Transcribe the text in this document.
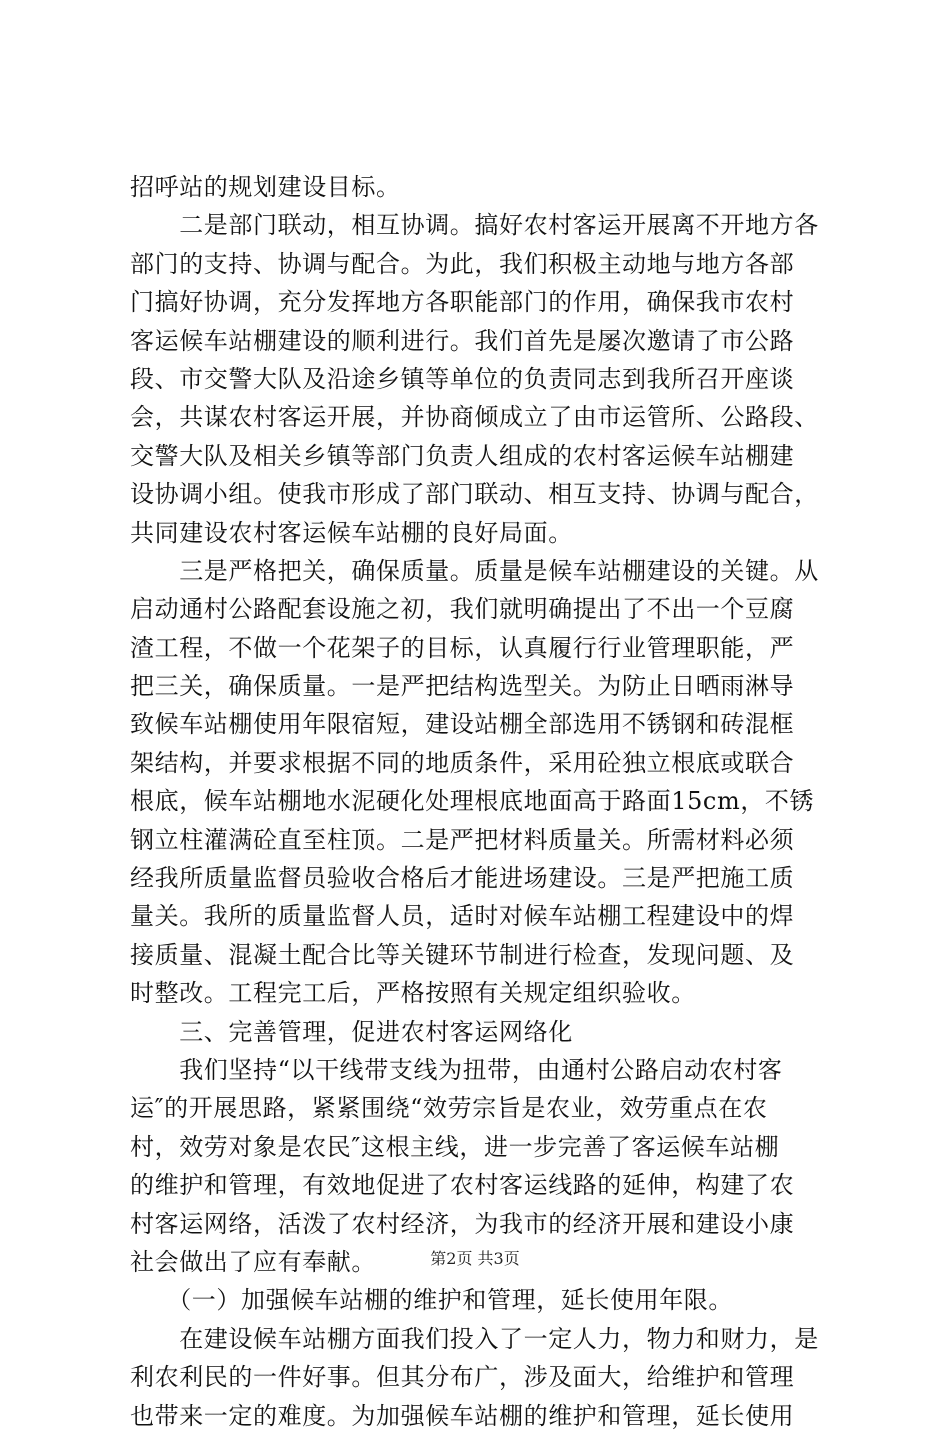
招呼站的规划建设目标。
　　二是部门联动，相互协调。搞好农村客运开展离不开地方各
部门的支持、协调与配合。为此，我们积极主动地与地方各部
门搞好协调，充分发挥地方各职能部门的作用，确保我市农村
客运候车站棚建设的顺利进行。我们首先是屡次邀请了市公路
段、市交警大队及沿途乡镇等单位的负责同志到我所召开座谈
会，共谋农村客运开展，并协商倾成立了由市运管所、公路段、
交警大队及相关乡镇等部门负责人组成的农村客运候车站棚建
设协调小组。使我市形成了部门联动、相互支持、协调与配合，
共同建设农村客运候车站棚的良好局面。
　　三是严格把关，确保质量。质量是候车站棚建设的关键。从
启动通村公路配套设施之初，我们就明确提出了不出一个豆腐
渣工程，不做一个花架子的目标，认真履行行业管理职能，严
把三关，确保质量。一是严把结构选型关。为防止日晒雨淋导
致候车站棚使用年限宿短，建设站棚全部选用不锈钢和砖混框
架结构，并要求根据不同的地质条件，采用砼独立根底或联合
根底，候车站棚地水泥硬化处理根底地面高于路面15cm，不锈
钢立柱灌满砼直至柱顶。二是严把材料质量关。所需材料必须
经我所质量监督员验收合格后才能进场建设。三是严把施工质
量关。我所的质量监督人员，适时对候车站棚工程建设中的焊
接质量、混凝土配合比等关键环节制进行检查，发现问题、及
时整改。工程完工后，严格按照有关规定组织验收。
　　三、完善管理，促进农村客运网络化
　　我们坚持“以干线带支线为扭带，由通村公路启动农村客
运″的开展思路，紧紧围绕“效劳宗旨是农业，效劳重点在农
村，效劳对象是农民″这根主线，进一步完善了客运候车站棚
的维护和管理，有效地促进了农村客运线路的延伸，构建了农
村客运网络，活泼了农村经济，为我市的经济开展和建设小康
社会做出了应有奉献。
　　（一）加强候车站棚的维护和管理，延长使用年限。
　　在建设候车站棚方面我们投入了一定人力，物力和财力，是
利农利民的一件好事。但其分布广，涉及面大，给维护和管理
也带来一定的难度。为加强候车站棚的维护和管理，延长使用
第2页 共3页
